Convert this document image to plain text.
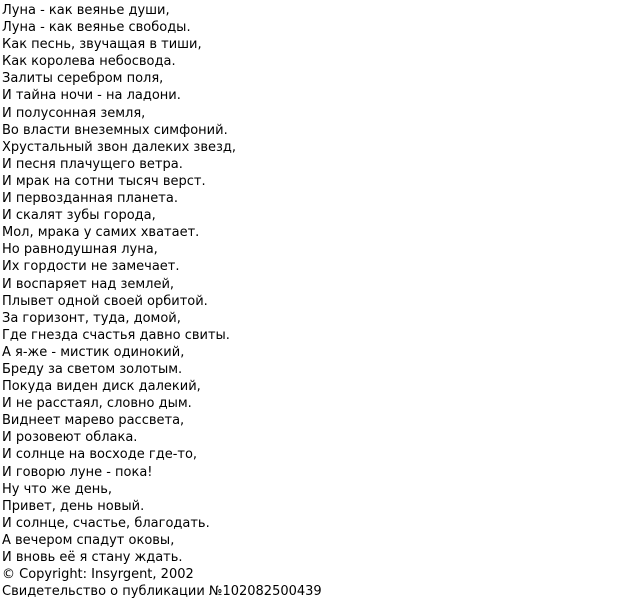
Луна - как веянье души,
Луна - как веянье свободы.
Как песнь, звучащая в тиши,
Как королева небосвода.
Залиты серебром поля,
И тайна ночи - на ладони.
И полусонная земля,
Во власти внеземных симфоний.
Хрустальный звон далеких звезд,
И песня плачущего ветра.
И мрак на сотни тысяч верст.
И первозданная планета.
И скалят зубы города,
Мол, мрака у самих хватает.
Но равнодушная луна,
Их гордости не замечает.
И воспаряет над землей,
Плывет одной своей орбитой.
За горизонт, туда, домой,
Где гнезда счастья давно свиты.
А я-же - мистик одинокий,
Бреду за светом золотым.
Покуда виден диск далекий,
И не расстаял, словно дым.
Виднеет марево рассвета,
И розовеют облака.
И солнце на восходе где-то,
И говорю луне - пока!
Ну что же день,
Привет, день новый.
И солнце, счастье, благодать.
А вечером спадут оковы,
И вновь её я стану ждать.
© Copyright: Insyrgent, 2002
Свидетельство о публикации №102082500439
